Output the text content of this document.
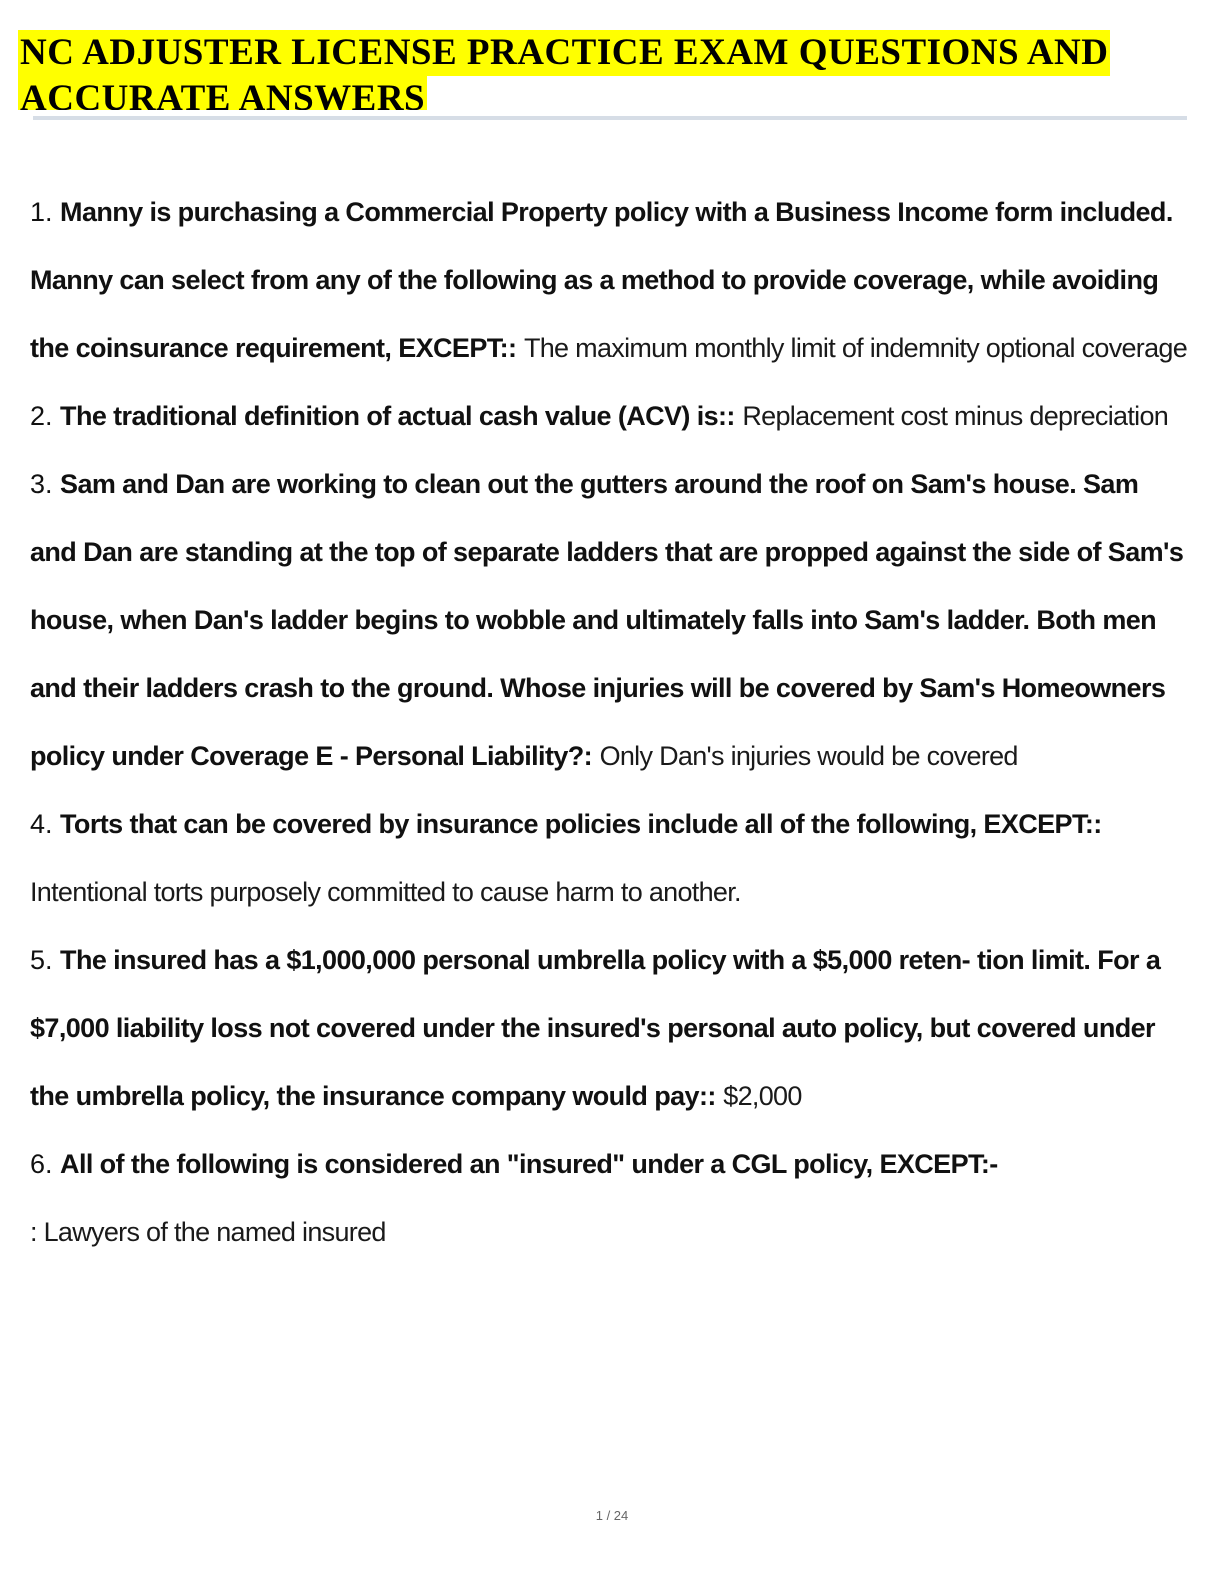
NC ADJUSTER LICENSE PRACTICE EXAM QUESTIONS AND
ACCURATE ANSWERS

1. Manny is purchasing a Commercial Property policy with a Business Income form included. Manny can select from any of the following as a method to provide coverage, while avoiding the coinsurance requirement, EXCEPT:: The maximum monthly limit of indemnity optional coverage

2. The traditional definition of actual cash value (ACV) is:: Replacement cost minus depreciation

3. Sam and Dan are working to clean out the gutters around the roof on Sam's house. Sam and Dan are standing at the top of separate ladders that are propped against the side of Sam's house, when Dan's ladder begins to wobble and ultimately falls into Sam's ladder. Both men and their ladders crash to the ground. Whose injuries will be covered by Sam's Homeowners policy under Coverage E - Personal Liability?: Only Dan's injuries would be covered

4. Torts that can be covered by insurance policies include all of the following, EXCEPT:: Intentional torts purposely committed to cause harm to another.

5. The insured has a $1,000,000 personal umbrella policy with a $5,000 reten- tion limit. For a $7,000 liability loss not covered under the insured's personal auto policy, but covered under the umbrella policy, the insurance company would pay:: $2,000

6. All of the following is considered an "insured" under a CGL policy, EXCEPT:-
: Lawyers of the named insured

1 / 24
